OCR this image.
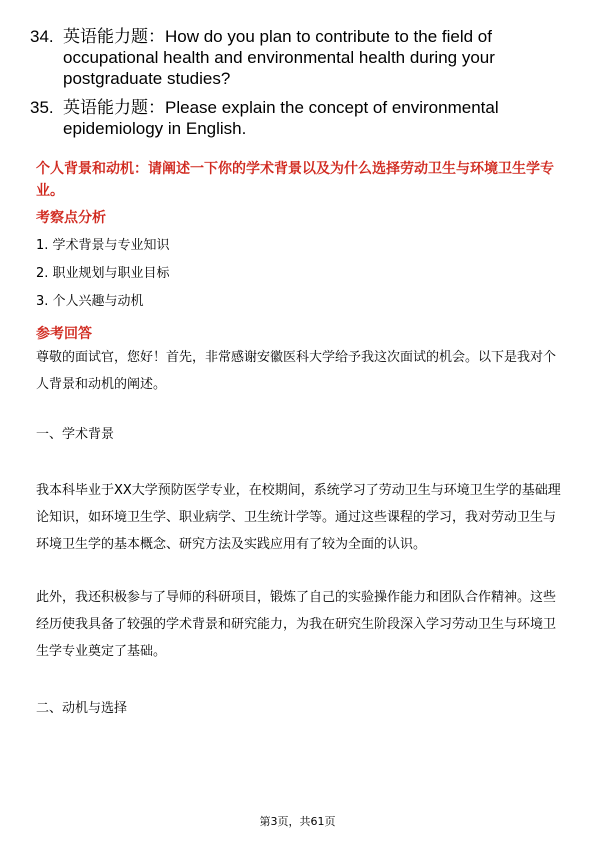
34. 英语能力题：How do you plan to contribute to the field of occupational health and environmental health during your postgraduate studies?
35. 英语能力题：Please explain the concept of environmental epidemiology in English.

个人背景和动机：请阐述一下你的学术背景以及为什么选择劳动卫生与环境卫生学专业。

考察点分析

1. 学术背景与专业知识

2. 职业规划与职业目标

3. 个人兴趣与动机

参考回答

尊敬的面试官，您好！首先，非常感谢安徽医科大学给予我这次面试的机会。以下是我对个人背景和动机的阐述。

一、学术背景

我本科毕业于XX大学预防医学专业，在校期间，系统学习了劳动卫生与环境卫生学的基础理论知识，如环境卫生学、职业病学、卫生统计学等。通过这些课程的学习，我对劳动卫生与环境卫生学的基本概念、研究方法及实践应用有了较为全面的认识。

此外，我还积极参与了导师的科研项目，锻炼了自己的实验操作能力和团队合作精神。这些经历使我具备了较强的学术背景和研究能力，为我在研究生阶段深入学习劳动卫生与环境卫生学专业奠定了基础。

二、动机与选择

第3页，共61页
